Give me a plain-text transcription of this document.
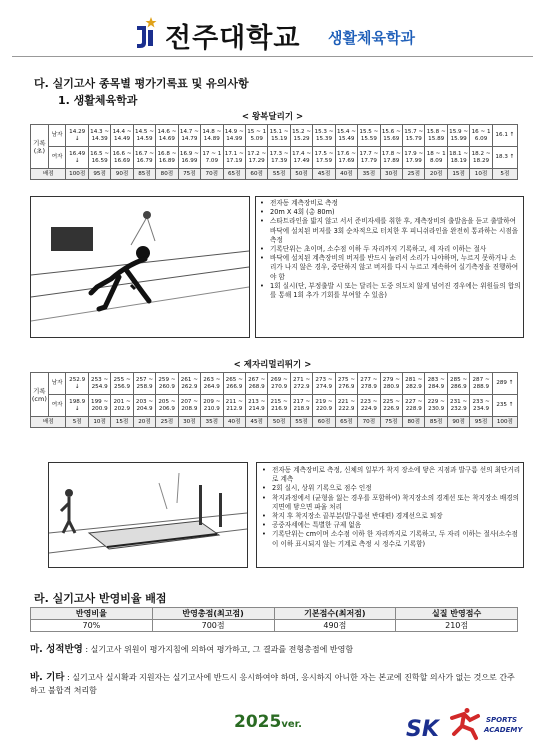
전주대학교 생활체육학과
다. 실기고사 종목별 평가기록표 및 유의사항
1. 생활체육학과
< 왕복달리기 >
기록 (초)	남자	14.29 ↓	14.3 ~ 14.39	14.4 ~ 14.49	14.5 ~ 14.59	14.6 ~ 14.69	14.7 ~ 14.79	14.8 ~ 14.89	14.9 ~ 14.99	15 ~ 15.09	15.1 ~ 15.19	15.2 ~ 15.29	15.3 ~ 15.39	15.4 ~ 15.49	15.5 ~ 15.59	15.6 ~ 15.69	15.7 ~ 15.79	15.8 ~ 15.89	15.9 ~ 15.99	16 ~ 16.09	16.1 ↑
	여자	16.49 ↓	16.5 ~ 16.59	16.6 ~ 16.69	16.7 ~ 16.79	16.8 ~ 16.89	16.9 ~ 16.99	17 ~ 17.09	17.1 ~ 17.19	17.2 ~ 17.29	17.3 ~ 17.39	17.4 ~ 17.49	17.5 ~ 17.59	17.6 ~ 17.69	17.7 ~ 17.79	17.8 ~ 17.89	17.9 ~ 17.99	18 ~ 18.09	18.1 ~ 18.19	18.2 ~ 18.29	18.3 ↑
배점		100점	95점	90점	85점	80점	75점	70점	65점	60점	55점	50점	45점	40점	35점	30점	25점	20점	15점	10점	5점
• 전자동 계측장비로 측정
• 20m X 4회 (총 80m)
• 스타트라인을 밟지 않고 서서 준비자세를 취한 후, 계측장비의 출발음을 듣고 출발하여 바닥에 설치된 버저를 3회 순차적으로 터치한 후 피니쉬라인을 완전히 통과하는 시점을 측정
• 기록단위는 초이며, 소수점 이하 두 자리까지 기록하고, 세 자리 이하는 절사
• 바닥에 설치된 계측장비의 버저를 반드시 눌러서 소리가 나야하며, 누르지 못하거나 소리가 나지 않은 경우, 중단하지 않고 버저를 다시 누르고 계속하여 실기측정을 진행하여야 함
• 1회 실시(단, 부정출발 시 또는 달리는 도중 의도치 않게 넘어진 경우에는 위원들의 합의를 통해 1회 추가 기회를 부여할 수 있음)
< 제자리멀리뛰기 >
기록 (cm)	남자	252.9 ↓	253 ~ 254.9	255 ~ 256.9	257 ~ 258.9	259 ~ 260.9	261 ~ 262.9	263 ~ 264.9	265 ~ 266.9	267 ~ 268.9	269 ~ 270.9	271 ~ 272.9	273 ~ 274.9	275 ~ 276.9	277 ~ 278.9	279 ~ 280.9	281 ~ 282.9	283 ~ 284.9	285 ~ 286.9	287 ~ 288.9	289 ↑
	여자	198.9 ↓	199 ~ 200.9	201 ~ 202.9	203 ~ 204.9	205 ~ 206.9	207 ~ 208.9	209 ~ 210.9	211 ~ 212.9	213 ~ 214.9	215 ~ 216.9	217 ~ 218.9	219 ~ 220.9	221 ~ 222.9	223 ~ 224.9	225 ~ 226.9	227 ~ 228.9	229 ~ 230.9	231 ~ 232.9	233 ~ 234.9	235 ↑
배점		5점	10점	15점	20점	25점	30점	35점	40점	45점	50점	55점	60점	65점	70점	75점	80점	85점	90점	95점	100점
• 전자동 계측장비로 측정, 신체의 일부가 착지 장소에 닿은 지점과 발구름 선의 최단거리로 계측
• 2회 실시, 상위 기록으로 점수 인정
• 착지과정에서 (균형을 잃는 경우를 포함하여) 착지장소의 경계선 또는 착지장소 배경의 지면에 닿으면 파울 처리
• 착지 후 착지장소 끝부분(발구름선 반대편) 경계선으로 퇴장
• 공중자세에는 특별한 규제 없음
• 기록단위는 cm이며 소수점 이하 한 자리까지로 기록하고, 두 자리 이하는 절사(소수점이 이하 표시되지 않는 기계로 측정 시 정수로 기록함)
라. 실기고사 반영비율 배점
반영비율	반영총점(최고점)	기본점수(최저점)	실질 반영점수
70%	700점	490점	210점
마. 성적반영 : 실기고사 위원이 평가지침에 의하여 평가하고, 그 결과를 전형총점에 반영함
바. 기타 : 실기고사 실시확과 지원자는 실기고사에 반드시 응시하여야 하며, 응시하지 아니한 자는 본교에 진학할 의사가 없는 것으로 간주하고 불합격 처리함
2025ver.	SK	SPORTS
ACADEMY
